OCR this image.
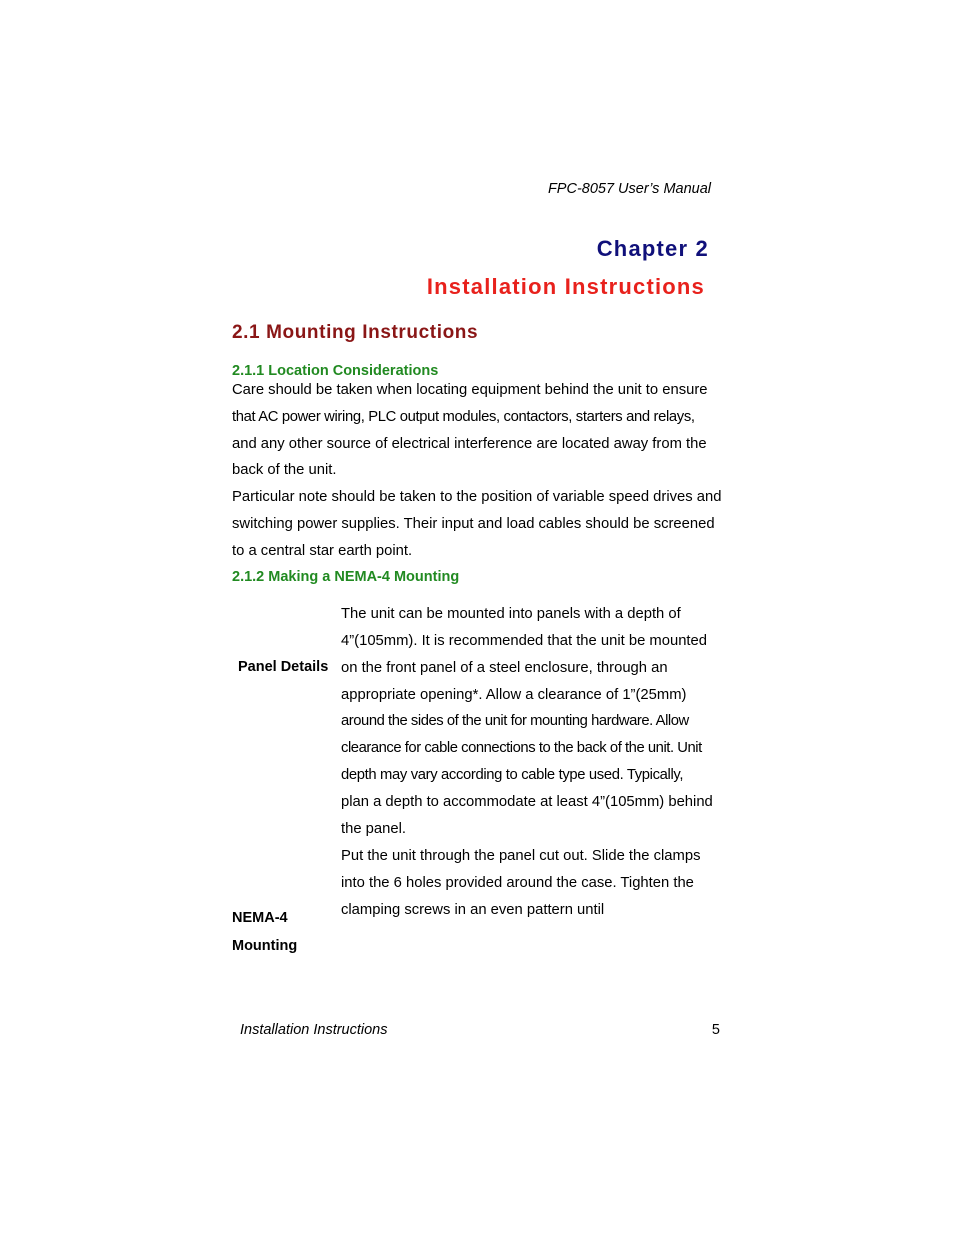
FPC-8057 User’s Manual
Chapter 2
Installation Instructions
2.1 Mounting Instructions
2.1.1 Location Considerations
Care should be taken when locating equipment behind the unit to ensure
that AC power wiring, PLC output modules, contactors, starters and relays,
and any other source of electrical interference are located away from the
back of the unit.
Particular note should be taken to the position of variable speed drives and
switching power supplies. Their input and load cables should be screened
to a central star earth point.
2.1.2 Making a NEMA-4 Mounting
Panel Details
NEMA-4
Mounting
The unit can be mounted into panels with a depth of
4”(105mm). It is recommended that the unit be mounted
on the front panel of a steel enclosure, through an
appropriate opening*. Allow a clearance of 1”(25mm)
around the sides of the unit for mounting hardware. Allow
clearance for cable connections to the back of the unit. Unit
depth may vary according to cable type used. Typically,
plan a depth to accommodate at least 4”(105mm) behind
the panel.
Put the unit through the panel cut out. Slide the clamps
into the 6 holes provided around the case. Tighten the
clamping screws in an even pattern until
Installation Instructions	5
